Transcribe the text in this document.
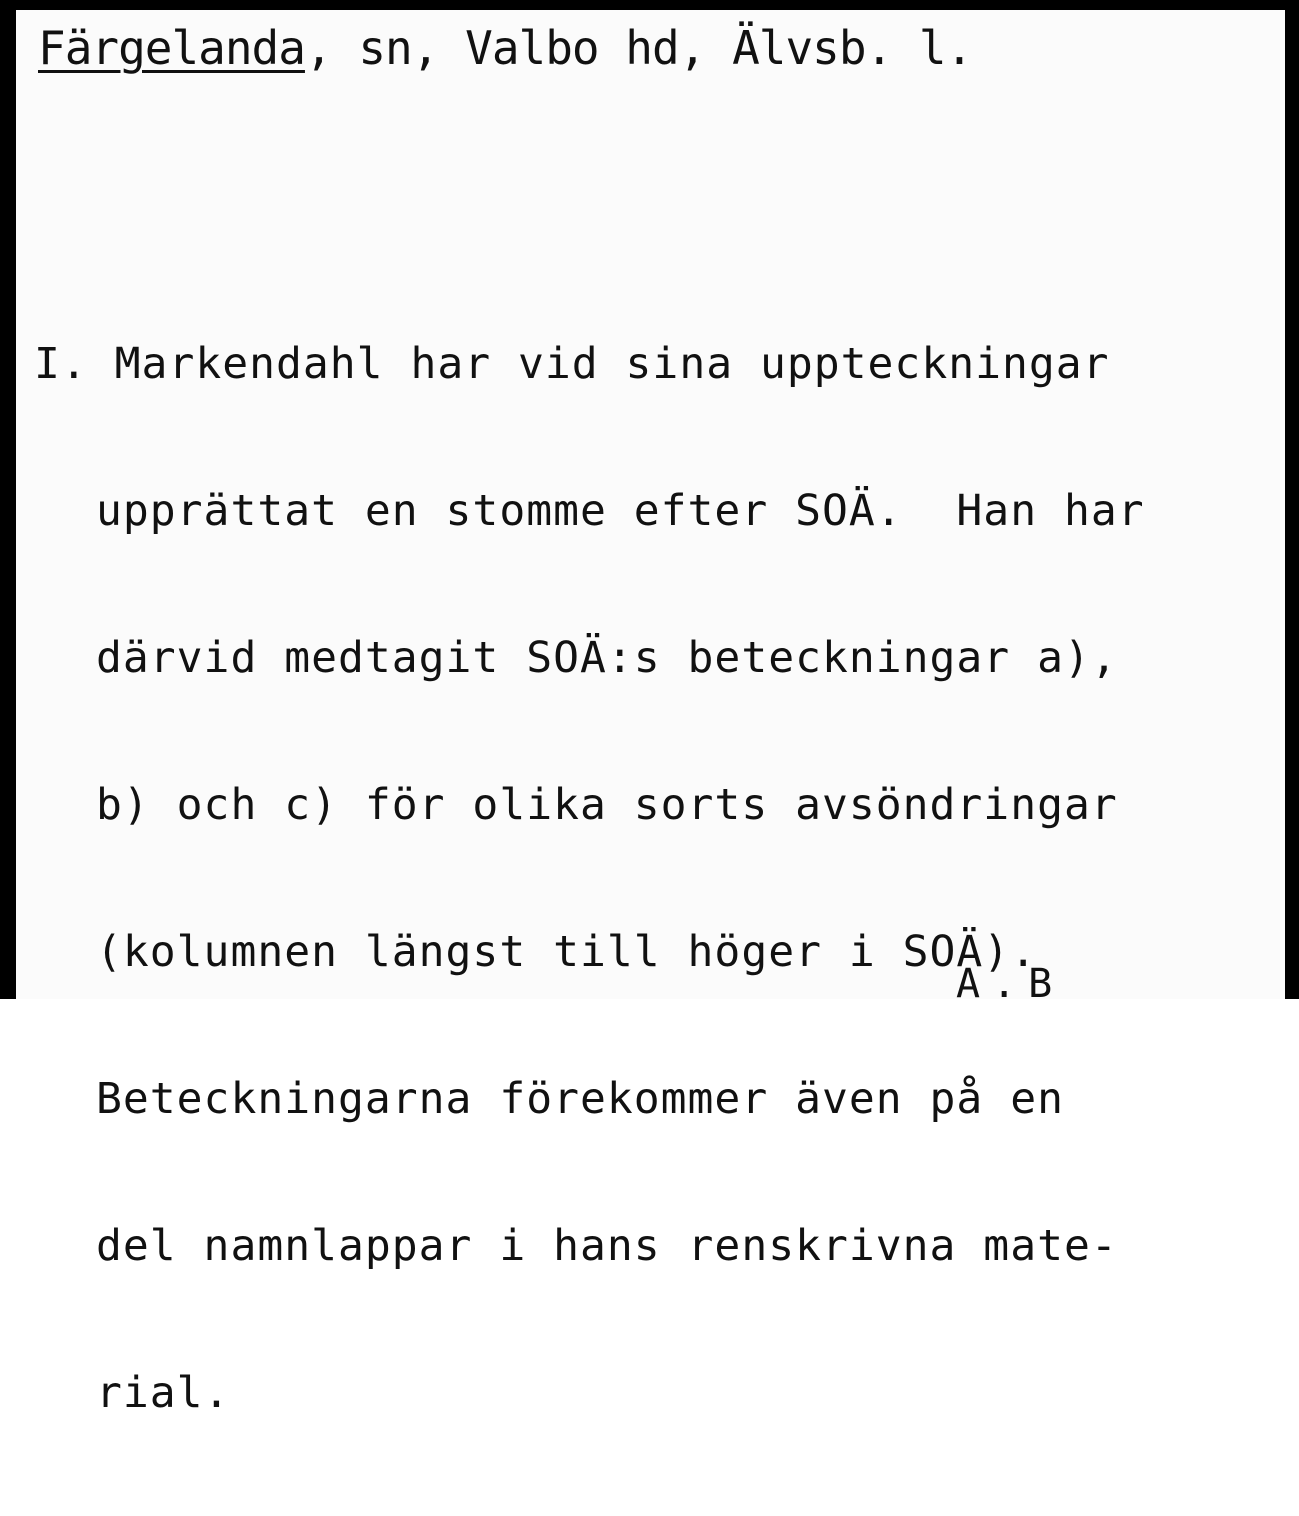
Färgelanda, sn, Valbo hd, Älvsb. l.

I. Markendahl har vid sina uppteckningar

upprättat en stomme efter SOÄ.  Han har

därvid medtagit SOÄ:s beteckningar a),

b) och c) för olika sorts avsöndringar

(kolumnen längst till höger i SOÄ).

Beteckningarna förekommer även på en

del namnlappar i hans renskrivna mate-

rial.

A.B
